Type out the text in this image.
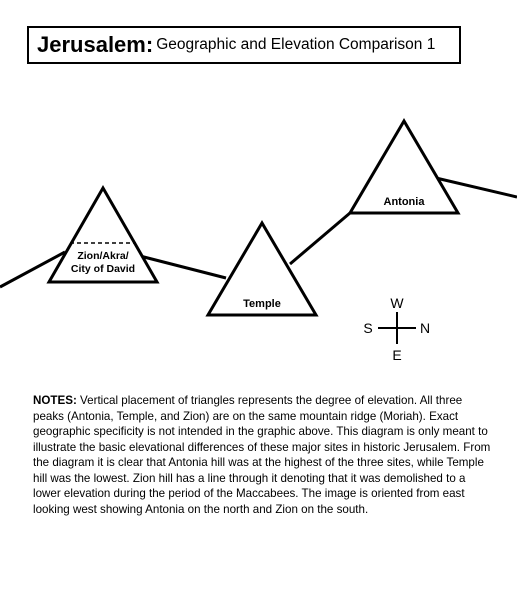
Jerusalem: Geographic and Elevation Comparison 1
Zion/Akra/
City of David
Temple
Antonia
W
E
S	N
NOTES: Vertical placement of triangles represents the degree of elevation. All three peaks (Antonia, Temple, and Zion) are on the same mountain ridge (Moriah). Exact geographic specificity is not intended in the graphic above. This diagram is only meant to illustrate the basic elevational differences of these major sites in historic Jerusalem. From the diagram it is clear that Antonia hill was at the highest of the three sites, while Temple hill was the lowest. Zion hill has a line through it denoting that it was demolished to a lower elevation during the period of the Maccabees. The image is oriented from east looking west showing Antonia on the north and Zion on the south.
